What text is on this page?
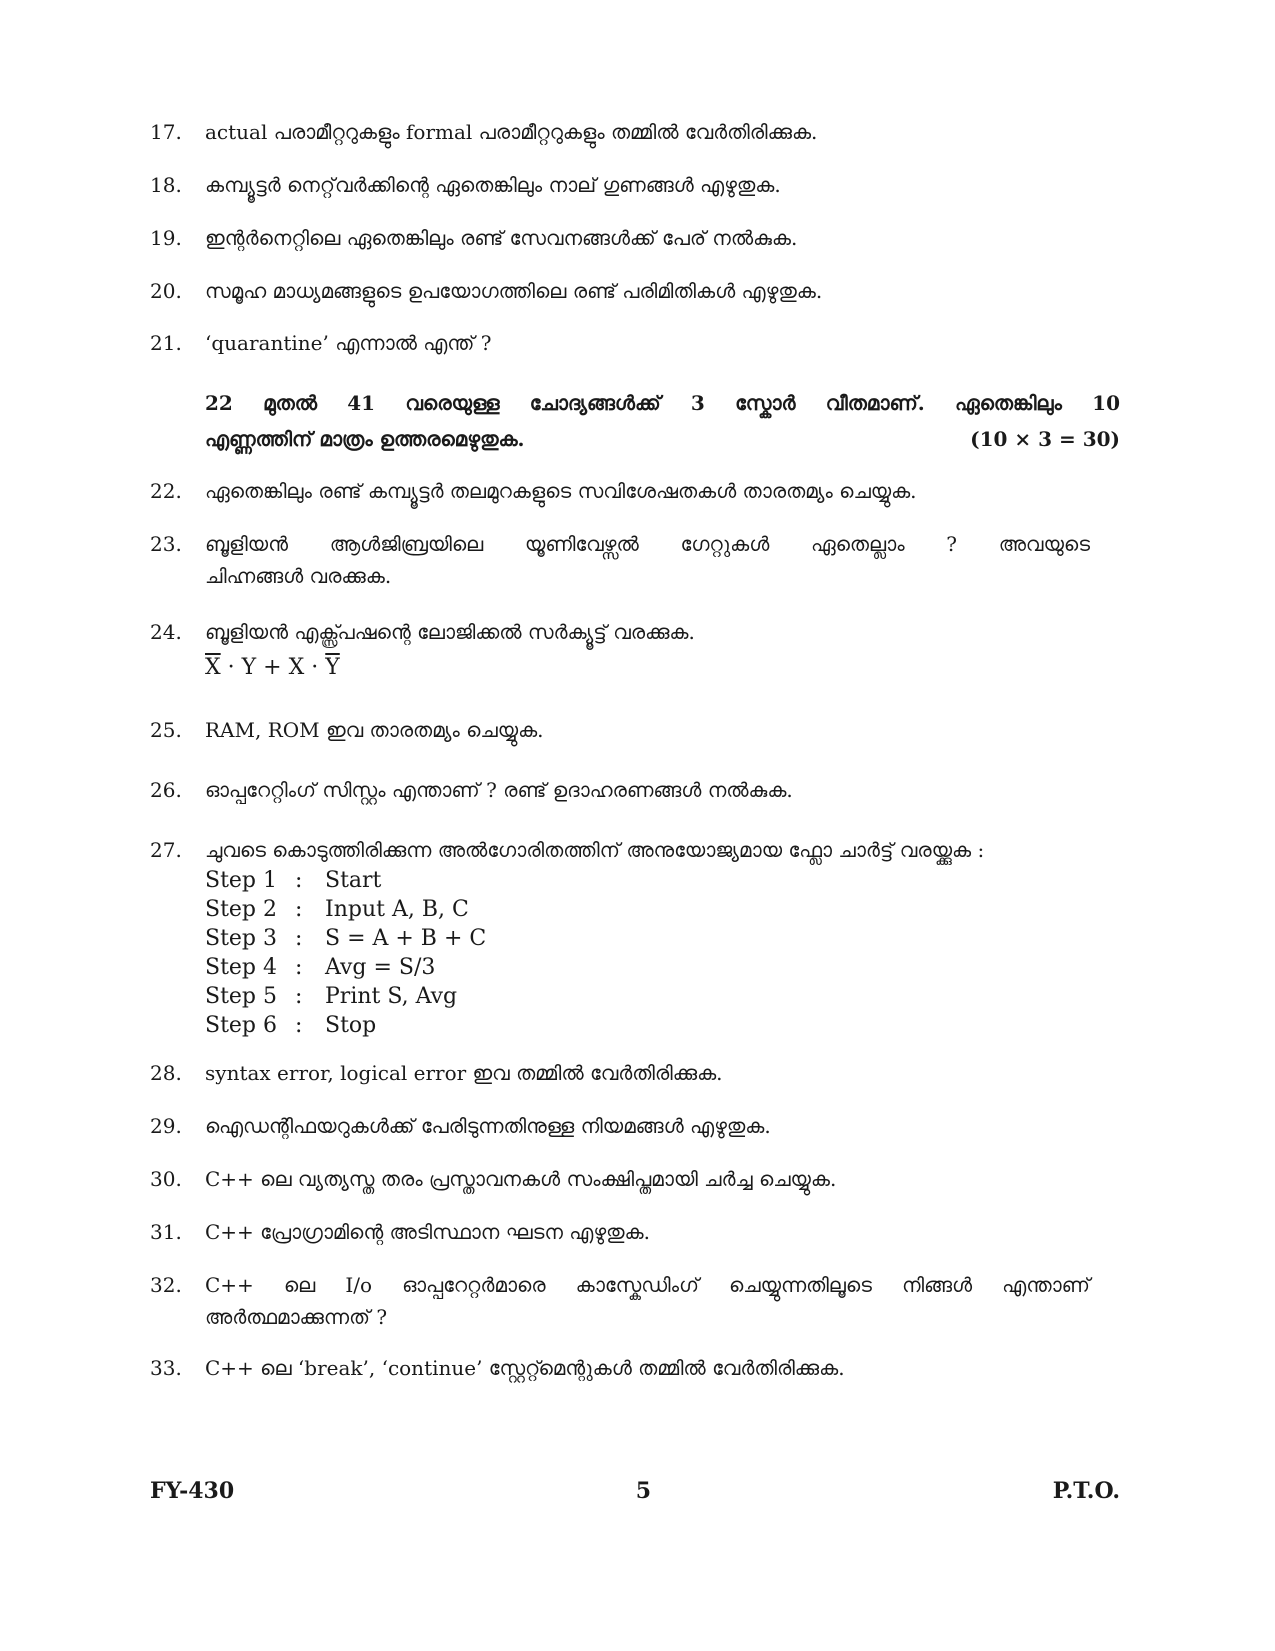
17.	actual പരാമീറ്ററുകളും formal പരാമീറ്ററുകളും തമ്മിൽ വേർതിരിക്കുക.
18.	കമ്പ്യൂട്ടർ നെറ്റ്‌വർക്കിന്റെ ഏതെങ്കിലും നാല് ഗുണങ്ങൾ എഴുതുക.
19.	ഇന്റർനെറ്റിലെ ഏതെങ്കിലും രണ്ട് സേവനങ്ങൾക്ക് പേര് നൽകുക.
20.	സമൂഹ മാധ്യമങ്ങളുടെ ഉപയോഗത്തിലെ രണ്ട് പരിമിതികൾ എഴുതുക.
21.	‘quarantine’ എന്നാൽ എന്ത് ?
22 മുതൽ 41 വരെയുള്ള ചോദ്യങ്ങൾക്ക് 3 സ്കോർ വീതമാണ്. ഏതെങ്കിലും 10
എണ്ണത്തിന് മാത്രം ഉത്തരമെഴുതുക.	(10 × 3 = 30)
22.	ഏതെങ്കിലും രണ്ട് കമ്പ്യൂട്ടർ തലമുറകളുടെ സവിശേഷതകൾ താരതമ്യം ചെയ്യുക.
23.	ബൂളിയൻ ആൾജിബ്രയിലെ യൂണിവേഴ്സൽ ഗേറ്റുകൾ ഏതെല്ലാം ? അവയുടെ
ചിഹ്നങ്ങൾ വരക്കുക.
24.	ബൂളിയൻ എക്സ്പ്രഷന്റെ ലോജിക്കൽ സർക്യൂട്ട് വരക്കുക.
$\overline{X} \cdot Y + X \cdot \overline{Y}$
25.	RAM, ROM ഇവ താരതമ്യം ചെയ്യുക.
26.	ഓപ്പറേറ്റിംഗ് സിസ്റ്റം എന്താണ് ? രണ്ട് ഉദാഹരണങ്ങൾ നൽകുക.
27.	ചുവടെ കൊടുത്തിരിക്കുന്ന അൽഗോരിതത്തിന് അനുയോജ്യമായ ഫ്ലോ ചാർട്ട് വരയ്ക്കുക :
Step 1 :	Start
Step 2 :	Input A, B, C
Step 3 :	S = A + B + C
Step 4 :	Avg = S/3
Step 5 :	Print S, Avg
Step 6 :	Stop
28.	syntax error, logical error ഇവ തമ്മിൽ വേർതിരിക്കുക.
29.	ഐഡന്റിഫയറുകൾക്ക് പേരിടുന്നതിനുള്ള നിയമങ്ങൾ എഴുതുക.
30.	C++ ലെ വ്യത്യസ്ത തരം പ്രസ്താവനകൾ സംക്ഷിപ്തമായി ചർച്ച ചെയ്യുക.
31.	C++ പ്രോഗ്രാമിന്റെ അടിസ്ഥാന ഘടന എഴുതുക.
32.	C++ ലെ I/o ഓപ്പറേറ്റർമാരെ കാസ്കേഡിംഗ് ചെയ്യുന്നതിലൂടെ നിങ്ങൾ എന്താണ്
അർത്ഥമാക്കുന്നത് ?
33.	C++ ലെ ‘break’, ‘continue’ സ്റ്റേറ്റ്മെന്റുകൾ തമ്മിൽ വേർതിരിക്കുക.
FY-430	5	P.T.O.
